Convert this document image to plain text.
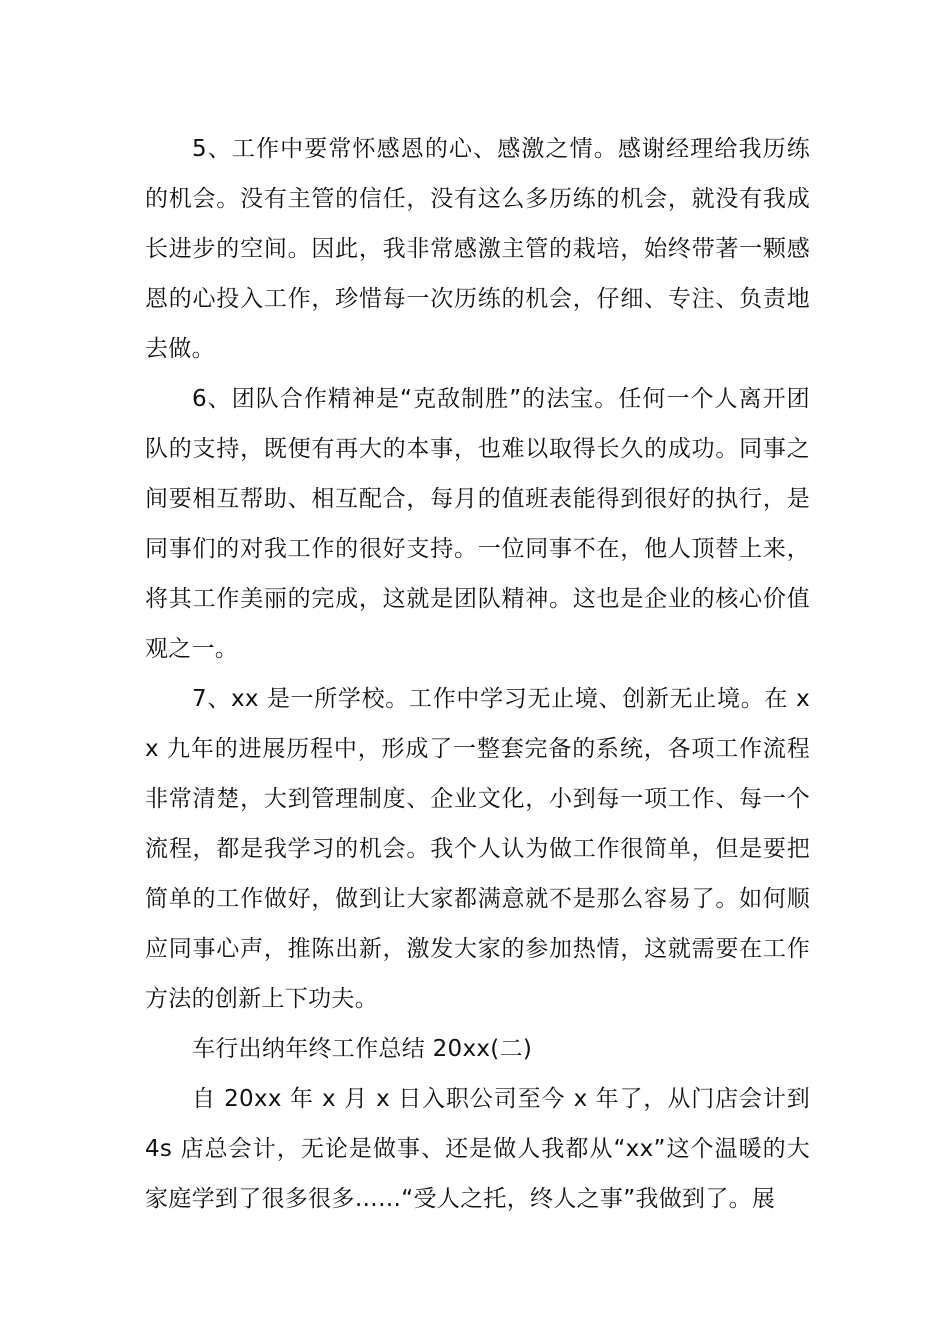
5、工作中要常怀感恩的心、感激之情。感谢经理给我历练的机会。没有主管的信任，没有这么多历练的机会，就没有我成长进步的空间。因此，我非常感激主管的栽培，始终带著一颗感恩的心投入工作，珍惜每一次历练的机会，仔细、专注、负责地去做。

6、团队合作精神是“克敌制胜”的法宝。任何一个人离开团队的支持，既便有再大的本事，也难以取得长久的成功。同事之间要相互帮助、相互配合，每月的值班表能得到很好的执行，是同事们的对我工作的很好支持。一位同事不在，他人顶替上来，将其工作美丽的完成，这就是团队精神。这也是企业的核心价值观之一。

7、xx 是一所学校。工作中学习无止境、创新无止境。在 xx 九年的进展历程中，形成了一整套完备的系统，各项工作流程非常清楚，大到管理制度、企业文化，小到每一项工作、每一个流程，都是我学习的机会。我个人认为做工作很简单，但是要把简单的工作做好，做到让大家都满意就不是那么容易了。如何顺应同事心声，推陈出新，激发大家的参加热情，这就需要在工作方法的创新上下功夫。

车行出纳年终工作总结 20xx(二)

自 20xx 年 x 月 x 日入职公司至今 x 年了，从门店会计到 4s 店总会计，无论是做事、还是做人我都从“xx”这个温暖的大家庭学到了很多很多……“受人之托，终人之事”我做到了。展
